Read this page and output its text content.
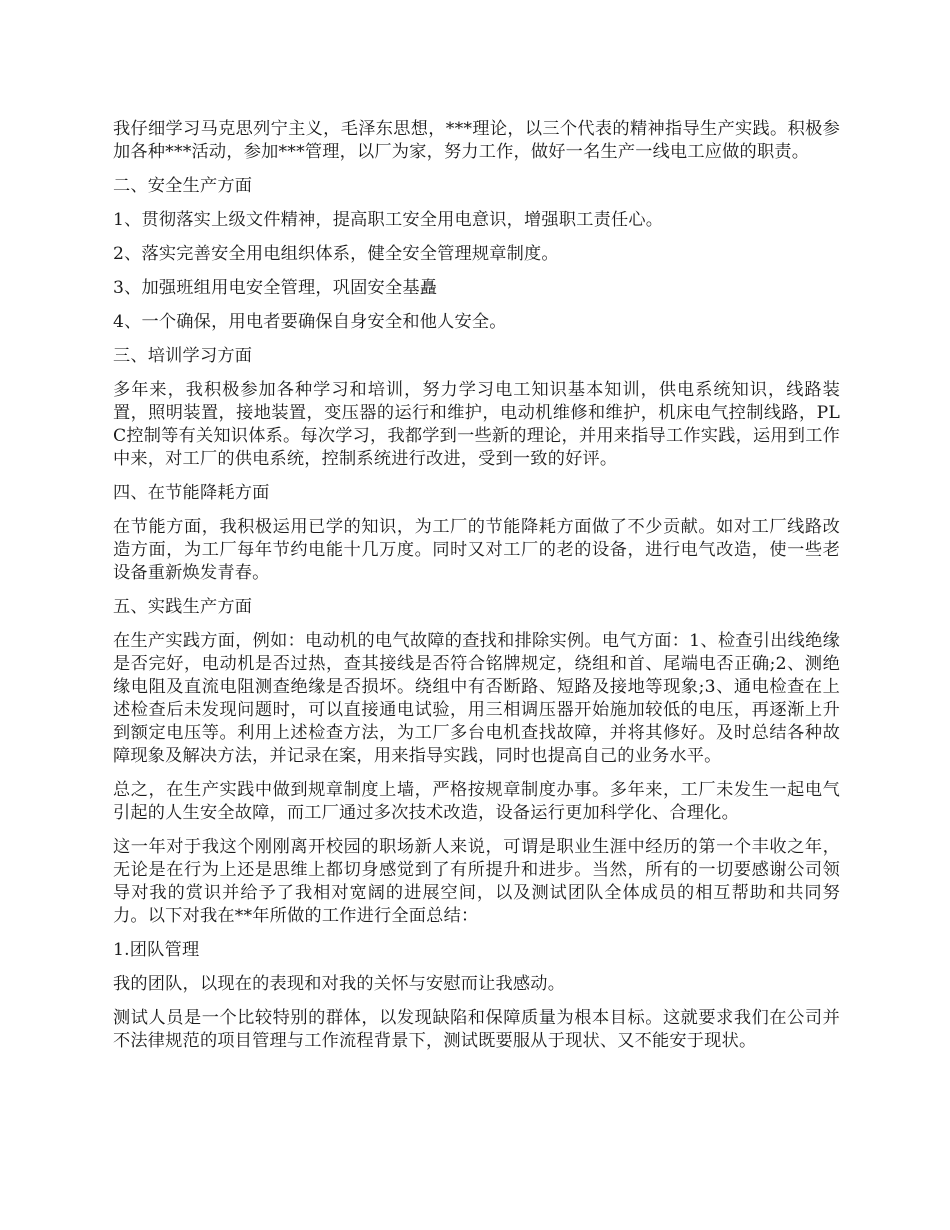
我仔细学习马克思列宁主义，毛泽东思想，***理论，以三个代表的精神指导生产实践。积极参加各种***活动，参加***管理，以厂为家，努力工作，做好一名生产一线电工应做的职责。

二、安全生产方面

1、贯彻落实上级文件精神，提高职工安全用电意识，增强职工责任心。

2、落实完善安全用电组织体系，健全安全管理规章制度。

3、加强班组用电安全管理，巩固安全基矗

4、一个确保，用电者要确保自身安全和他人安全。

三、培训学习方面

多年来，我积极参加各种学习和培训，努力学习电工知识基本知训，供电系统知识，线路装置，照明装置，接地装置，变压器的运行和维护，电动机维修和维护，机床电气控制线路，PLC控制等有关知识体系。每次学习，我都学到一些新的理论，并用来指导工作实践，运用到工作中来，对工厂的供电系统，控制系统进行改进，受到一致的好评。

四、在节能降耗方面

在节能方面，我积极运用已学的知识，为工厂的节能降耗方面做了不少贡献。如对工厂线路改造方面，为工厂每年节约电能十几万度。同时又对工厂的老的设备，进行电气改造，使一些老设备重新焕发青春。

五、实践生产方面

在生产实践方面，例如：电动机的电气故障的查找和排除实例。电气方面：1、检查引出线绝缘是否完好，电动机是否过热，查其接线是否符合铭牌规定，绕组和首、尾端电否正确;2、测绝缘电阻及直流电阻测查绝缘是否损坏。绕组中有否断路、短路及接地等现象;3、通电检查在上述检查后未发现问题时，可以直接通电试验，用三相调压器开始施加较低的电压，再逐渐上升到额定电压等。利用上述检查方法，为工厂多台电机查找故障，并将其修好。及时总结各种故障现象及解决方法，并记录在案，用来指导实践，同时也提高自己的业务水平。

总之，在生产实践中做到规章制度上墙，严格按规章制度办事。多年来，工厂未发生一起电气引起的人生安全故障，而工厂通过多次技术改造，设备运行更加科学化、合理化。

这一年对于我这个刚刚离开校园的职场新人来说，可谓是职业生涯中经历的第一个丰收之年，无论是在行为上还是思维上都切身感觉到了有所提升和进步。当然，所有的一切要感谢公司领导对我的赏识并给予了我相对宽阔的进展空间，以及测试团队全体成员的相互帮助和共同努力。以下对我在**年所做的工作进行全面总结：

1.团队管理

我的团队，以现在的表现和对我的关怀与安慰而让我感动。

测试人员是一个比较特别的群体，以发现缺陷和保障质量为根本目标。这就要求我们在公司并不法律规范的项目管理与工作流程背景下，测试既要服从于现状、又不能安于现状。
